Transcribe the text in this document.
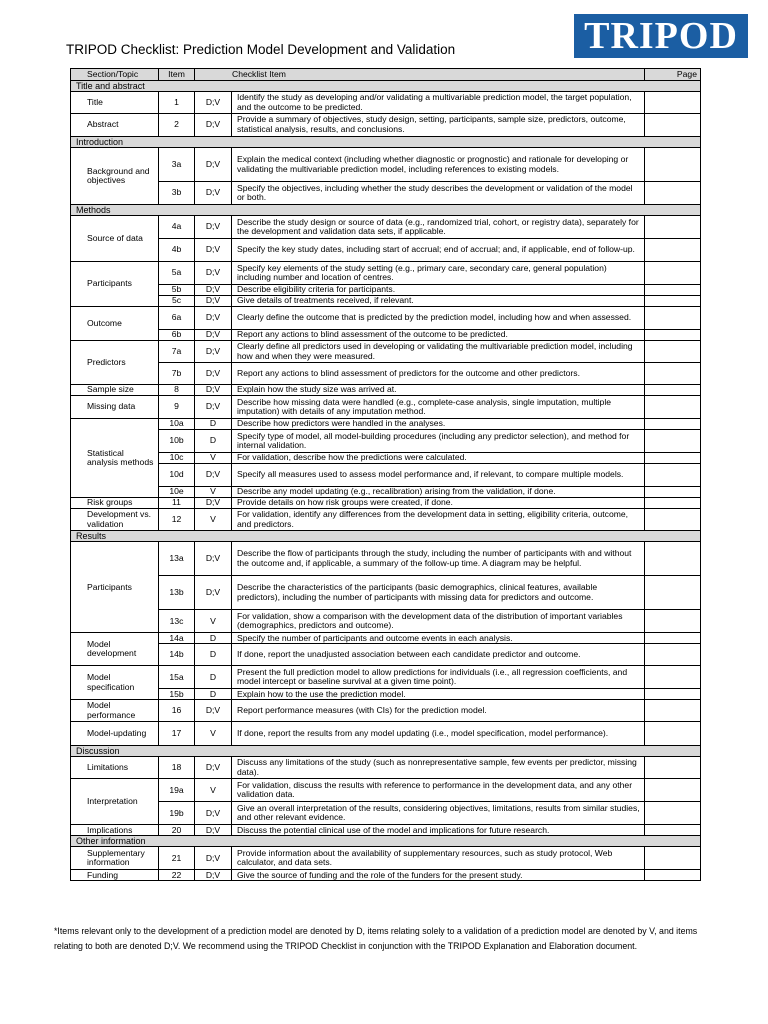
TRIPOD Checklist: Prediction Model Development and Validation	TRIPOD
Section/Topic	Item	Checklist Item		Page
Title and abstract				
Title	1	D;V	Identify the study as developing and/or validating a multivariable prediction model, the target population, and the outcome to be predicted.	
Abstract	2	D;V	Provide a summary of objectives, study design, setting, participants, sample size, predictors, outcome, statistical analysis, results, and conclusions.	
Introduction				
Background and objectives	3a	D;V	Explain the medical context (including whether diagnostic or prognostic) and rationale for developing or validating the multivariable prediction model, including references to existing models.	
	3b	D;V	Specify the objectives, including whether the study describes the development or validation of the model or both.	
Methods				
Source of data	4a	D;V	Describe the study design or source of data (e.g., randomized trial, cohort, or registry data), separately for the development and validation data sets, if applicable.	
	4b	D;V	Specify the key study dates, including start of accrual; end of accrual; and, if applicable, end of follow-up.	
Participants	5a	D;V	Specify key elements of the study setting (e.g., primary care, secondary care, general population) including number and location of centres.	
	5b	D;V	Describe eligibility criteria for participants.	
	5c	D;V	Give details of treatments received, if relevant.	
Outcome	6a	D;V	Clearly define the outcome that is predicted by the prediction model, including how and when assessed.	
	6b	D;V	Report any actions to blind assessment of the outcome to be predicted.	
Predictors	7a	D;V	Clearly define all predictors used in developing or validating the multivariable prediction model, including how and when they were measured.	
	7b	D;V	Report any actions to blind assessment of predictors for the outcome and other predictors.	
Sample size	8	D;V	Explain how the study size was arrived at.	
Missing data	9	D;V	Describe how missing data were handled (e.g., complete-case analysis, single imputation, multiple imputation) with details of any imputation method.	
Statistical analysis methods	10a	D	Describe how predictors were handled in the analyses.	
	10b	D	Specify type of model, all model-building procedures (including any predictor selection), and method for internal validation.	
	10c	V	For validation, describe how the predictions were calculated.	
	10d	D;V	Specify all measures used to assess model performance and, if relevant, to compare multiple models.	
	10e	V	Describe any model updating (e.g., recalibration) arising from the validation, if done.	
Risk groups	11	D;V	Provide details on how risk groups were created, if done.	
Development vs. validation	12	V	For validation, identify any differences from the development data in setting, eligibility criteria, outcome, and predictors.	
Results				
Participants	13a	D;V	Describe the flow of participants through the study, including the number of participants with and without the outcome and, if applicable, a summary of the follow-up time. A diagram may be helpful.	
	13b	D;V	Describe the characteristics of the participants (basic demographics, clinical features, available predictors), including the number of participants with missing data for predictors and outcome.	
	13c	V	For validation, show a comparison with the development data of the distribution of important variables (demographics, predictors and outcome).	
Model development	14a	D	Specify the number of participants and outcome events in each analysis.	
	14b	D	If done, report the unadjusted association between each candidate predictor and outcome.	
Model specification	15a	D	Present the full prediction model to allow predictions for individuals (i.e., all regression coefficients, and model intercept or baseline survival at a given time point).	
	15b	D	Explain how to the use the prediction model.	
Model performance	16	D;V	Report performance measures (with CIs) for the prediction model.	
Model-updating	17	V	If done, report the results from any model updating (i.e., model specification, model performance).	
Discussion				
Limitations	18	D;V	Discuss any limitations of the study (such as nonrepresentative sample, few events per predictor, missing data).	
Interpretation	19a	V	For validation, discuss the results with reference to performance in the development data, and any other validation data.	
	19b	D;V	Give an overall interpretation of the results, considering objectives, limitations, results from similar studies, and other relevant evidence.	
Implications	20	D;V	Discuss the potential clinical use of the model and implications for future research.	
Other information				
Supplementary information	21	D;V	Provide information about the availability of supplementary resources, such as study protocol, Web calculator, and data sets.	
Funding	22	D;V	Give the source of funding and the role of the funders for the present study.	
*Items relevant only to the development of a prediction model are denoted by D, items relating solely to a validation of a prediction model are denoted by V, and items relating to both are denoted D;V. We recommend using the TRIPOD Checklist in conjunction with the TRIPOD Explanation and Elaboration document.
